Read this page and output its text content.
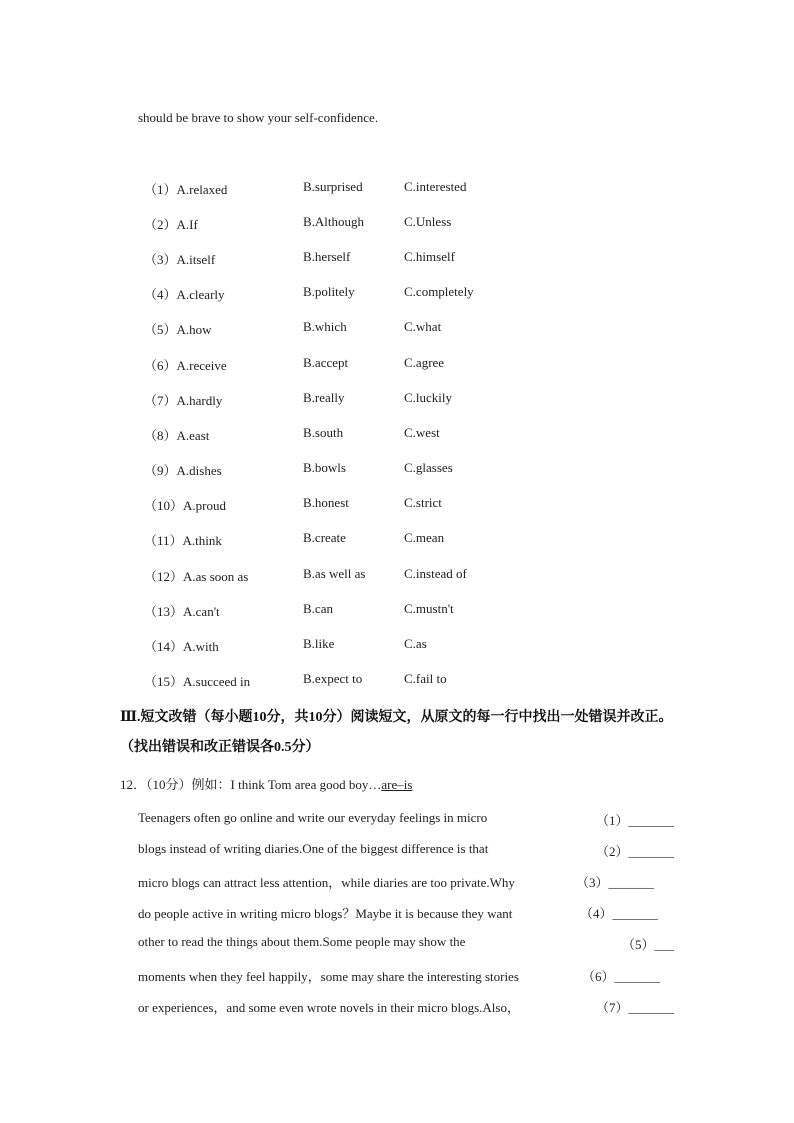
should be brave to show your self-confidence.
（1）A.relaxed	B.surprised	C.interested
（2）A.If	B.Although	C.Unless
（3）A.itself	B.herself	C.himself
（4）A.clearly	B.politely	C.completely
（5）A.how	B.which	C.what
（6）A.receive	B.accept	C.agree
（7）A.hardly	B.really	C.luckily
（8）A.east	B.south	C.west
（9）A.dishes	B.bowls	C.glasses
（10）A.proud	B.honest	C.strict
（11）A.think	B.create	C.mean
（12）A.as soon as	B.as well as	C.instead of
（13）A.can't	B.can	C.mustn't
（14）A.with	B.like	C.as
（15）A.succeed in	B.expect to	C.fail to
Ⅲ.短文改错（每小题10分，共10分）阅读短文，从原文的每一行中找出一处错误并改正。
（找出错误和改正错误各0.5分）
12．（10分）例如：I think Tom area good boy…are–is
Teenagers often go online and write our everyday feelings in micro	（1）_______
blogs instead of writing diaries.One of the biggest difference is that	（2）_______
micro blogs can attract less attention，while diaries are too private.Why	（3）_______
do people active in writing micro blogs？Maybe it is because they want	（4）_______
other to read the things about them.Some people may show the	（5）___
moments when they feel happily，some may share the interesting stories	（6）_______
or experiences，and some even wrote novels in their micro blogs.Also，	（7）_______
